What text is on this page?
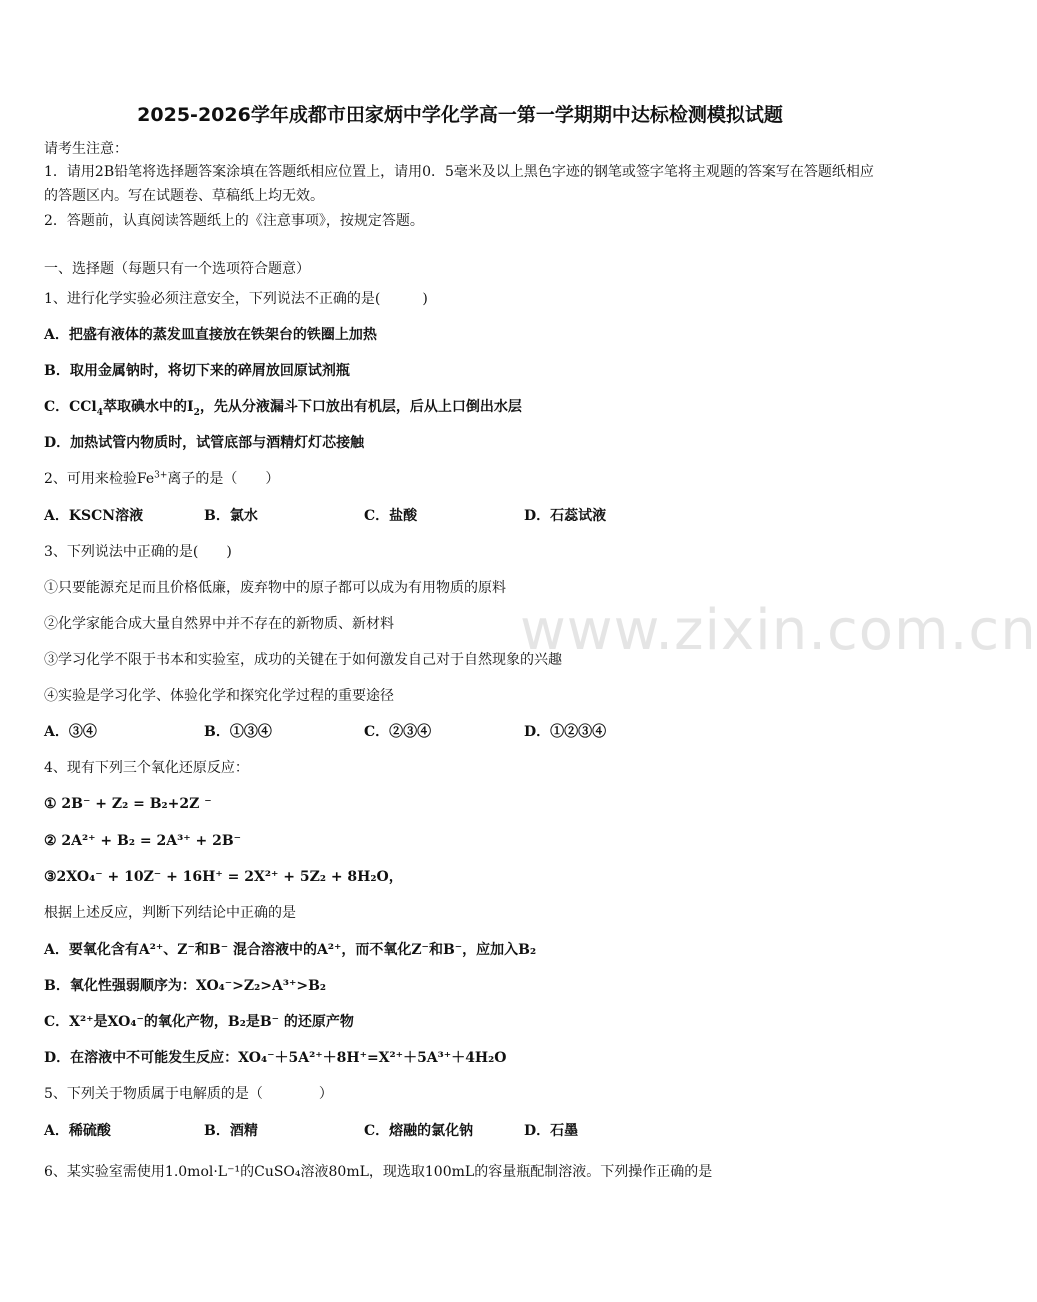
2025-2026学年成都市田家炳中学化学高一第一学期期中达标检测模拟试题
请考生注意：
1．请用2B铅笔将选择题答案涂填在答题纸相应位置上，请用0．5毫米及以上黑色字迹的钢笔或签字笔将主观题的答案写在答题纸相应的答题区内。写在试题卷、草稿纸上均无效。
2．答题前，认真阅读答题纸上的《注意事项》，按规定答题。
一、选择题（每题只有一个选项符合题意）
1、进行化学实验必须注意安全，下列说法不正确的是(　　　)
A．把盛有液体的蒸发皿直接放在铁架台的铁圈上加热
B．取用金属钠时，将切下来的碎屑放回原试剂瓶
C．CCl$_4$萃取碘水中的$I_2$，先从分液漏斗下口放出有机层，后从上口倒出水层
D．加热试管内物质时，试管底部与酒精灯灯芯接触
2、可用来检验$Fe^{3+}$离子的是（　　）
A．KSCN溶液	B．氯水	C．盐酸	D．石蕊试液
3、下列说法中正确的是(　　)
①只要能源充足而且价格低廉，废弃物中的原子都可以成为有用物质的原料
②化学家能合成大量自然界中并不存在的新物质、新材料
③学习化学不限于书本和实验室，成功的关键在于如何激发自己对于自然现象的兴趣
④实验是学习化学、体验化学和探究化学过程的重要途径
A．③④	B．①③④	C．②③④	D．①②③④
4、现有下列三个氧化还原反应：
① 2B⁻ + Z₂ = B₂+2Z ⁻
② 2A²⁺ + B₂ = 2A³⁺ + 2B⁻
③2XO₄⁻ + 10Z⁻ + 16H⁺ = 2X²⁺ + 5Z₂ + 8H₂O，
根据上述反应，判断下列结论中正确的是
A．要氧化含有A²⁺、Z⁻和B⁻ 混合溶液中的A²⁺，而不氧化Z⁻和B⁻，应加入B₂
B．氧化性强弱顺序为：XO₄⁻>Z₂>A³⁺>B₂
C．X²⁺是XO₄⁻的氧化产物，B₂是B⁻ 的还原产物
D．在溶液中不可能发生反应：XO₄⁻＋5A²⁺＋8H⁺=X²⁺＋5A³⁺＋4H₂O
5、下列关于物质属于电解质的是（　　　　）
A．稀硫酸	B．酒精	C．熔融的氯化钠	D．石墨
6、某实验室需使用1.0mol·L⁻¹的CuSO₄溶液80mL，现选取100mL的容量瓶配制溶液。下列操作正确的是
www.zixin.com.cn
